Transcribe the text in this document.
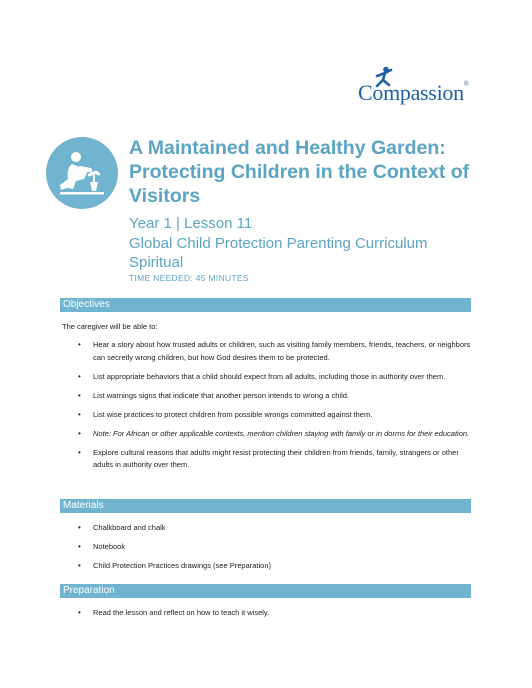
Compassion®
A Maintained and Healthy Garden: Protecting Children in the Context of Visitors
Year 1 | Lesson 11
Global Child Protection Parenting Curriculum
Spiritual
TIME NEEDED: 45 MINUTES
Objectives
The caregiver will be able to:
• Hear a story about how trusted adults or children, such as visiting family members, friends, teachers, or neighbors can secretly wrong children, but how God desires them to be protected.
• List appropriate behaviors that a child should expect from all adults, including those in authority over them.
• List warnings signs that indicate that another person intends to wrong a child.
• List wise practices to protect children from possible wrongs committed against them.
• Note: For African or other applicable contexts, mention children staying with family or in dorms for their education.
• Explore cultural reasons that adults might resist protecting their children from friends, family, strangers or other adults in authority over them.
Materials
• Chalkboard and chalk
• Notebook
• Child Protection Practices drawings (see Preparation)
Preparation
• Read the lesson and reflect on how to teach it wisely.
